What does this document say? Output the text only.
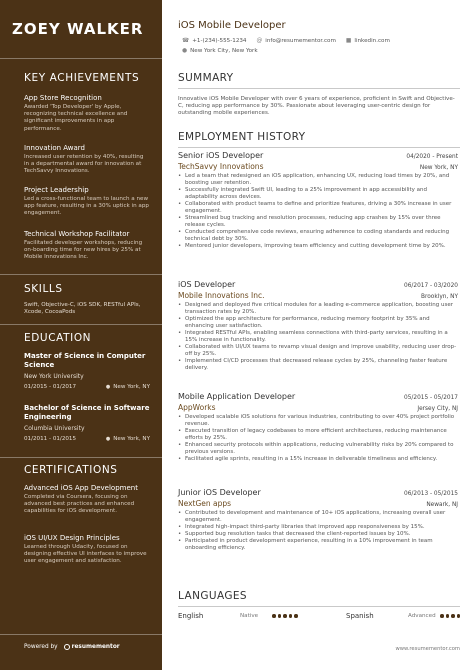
ZOEY WALKER
KEY ACHIEVEMENTS
App Store Recognition
Awarded 'Top Developer' by Apple, recognizing technical excellence and significant improvements in app performance.
Innovation Award
Increased user retention by 40%, resulting in a departmental award for innovation at TechSavvy Innovations.
Project Leadership
Led a cross-functional team to launch a new app feature, resulting in a 30% uptick in app engagement.
Technical Workshop Facilitator
Facilitated developer workshops, reducing on-boarding time for new hires by 25% at Mobile Innovations Inc.
SKILLS
Swift, Objective-C, iOS SDK, RESTful APIs, Xcode, CocoaPods
EDUCATION
Master of Science in Computer Science
New York University
01/2015 - 01/2017	● New York, NY
Bachelor of Science in Software Engineering
Columbia University
01/2011 - 01/2015	● New York, NY
CERTIFICATIONS
Advanced iOS App Development
Completed via Coursera, focusing on advanced best practices and enhanced capabilities for iOS development.
iOS UI/UX Design Principles
Learned through Udacity, focused on designing effective UI interfaces to improve user engagement and satisfaction.
Powered by resumementor
iOS Mobile Developer
☎ +1-(234)-555-1234 @ info@resumementor.com ■ linkedin.com
● New York City, New York
SUMMARY
Innovative iOS Mobile Developer with over 6 years of experience, proficient in Swift and Objective-C, reducing app performance by 30%. Passionate about leveraging user-centric design for outstanding mobile experiences.
EMPLOYMENT HISTORY
Senior iOS Developer	04/2020 - Present
TechSavvy Innovations	New York, NY
• Led a team that redesigned an iOS application, enhancing UX, reducing load times by 20%, and boosting user retention.
• Successfully integrated Swift UI, leading to a 25% improvement in app accessibility and adaptability across devices.
• Collaborated with product teams to define and prioritize features, driving a 30% increase in user engagement.
• Streamlined bug tracking and resolution processes, reducing app crashes by 15% over three release cycles.
• Conducted comprehensive code reviews, ensuring adherence to coding standards and reducing technical debt by 30%.
• Mentored junior developers, improving team efficiency and cutting development time by 20%.
iOS Developer	06/2017 - 03/2020
Mobile Innovations Inc.	Brooklyn, NY
• Designed and deployed five critical modules for a leading e-commerce application, boosting user transaction rates by 20%.
• Optimized the app architecture for performance, reducing memory footprint by 35% and enhancing user satisfaction.
• Integrated RESTful APIs, enabling seamless connections with third-party services, resulting in a 15% increase in functionality.
• Collaborated with UI/UX teams to revamp visual design and improve usability, reducing user drop-off by 25%.
• Implemented CI/CD processes that decreased release cycles by 25%, channeling faster feature delivery.
Mobile Application Developer	05/2015 - 05/2017
AppWorks	Jersey City, NJ
• Developed scalable iOS solutions for various industries, contributing to over 40% project portfolio revenue.
• Executed transition of legacy codebases to more efficient architectures, reducing maintenance efforts by 25%.
• Enhanced security protocols within applications, reducing vulnerability risks by 20% compared to previous versions.
• Facilitated agile sprints, resulting in a 15% increase in deliverable timeliness and efficiency.
Junior iOS Developer	06/2013 - 05/2015
NextGen apps	Newark, NJ
• Contributed to development and maintenance of 10+ iOS applications, increasing overall user engagement.
• Integrated high-impact third-party libraries that improved app responsiveness by 15%.
• Supported bug resolution tasks that decreased the client-reported issues by 10%.
• Participated in product development experience, resulting in a 10% improvement in team onboarding efficiency.
LANGUAGES
English	Native	Spanish	Advanced
www.resumementor.com
